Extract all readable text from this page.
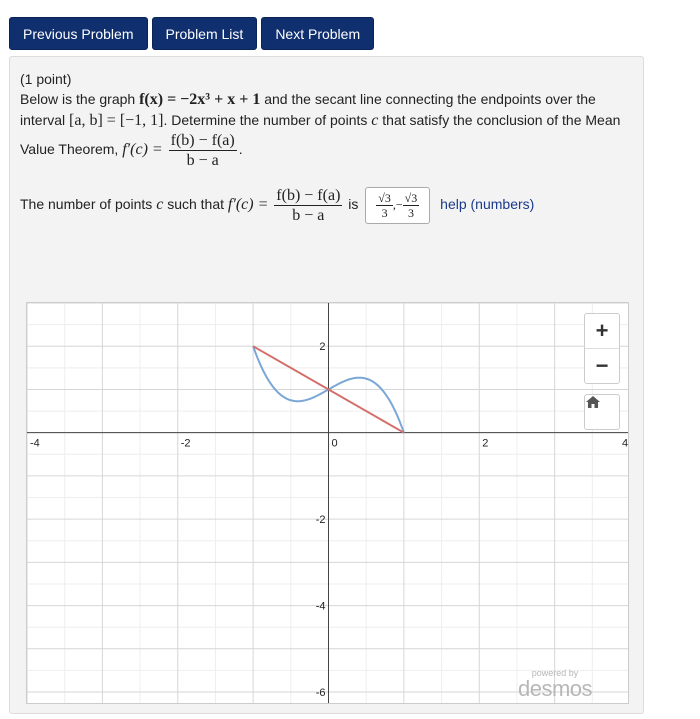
Previous Problem	Problem List	Next Problem
(1 point)
Below is the graph f(x) = −2x³ + x + 1 and the secant line connecting the endpoints over the interval [a, b] = [−1, 1]. Determine the number of points c that satisfy the conclusion of the Mean Value Theorem, $f'(c) = \frac{f(b) - f(a)}{b - a}$ .
The number of points c such that $f'(c) = \frac{f(b) - f(a)}{b - a}$ is $\frac{√3}{3}$ ,− $\frac{√3}{3}$ help (numbers)
-4	-2	0	2	4
2
-2
-4
-6
+
−
powered by
desmos
